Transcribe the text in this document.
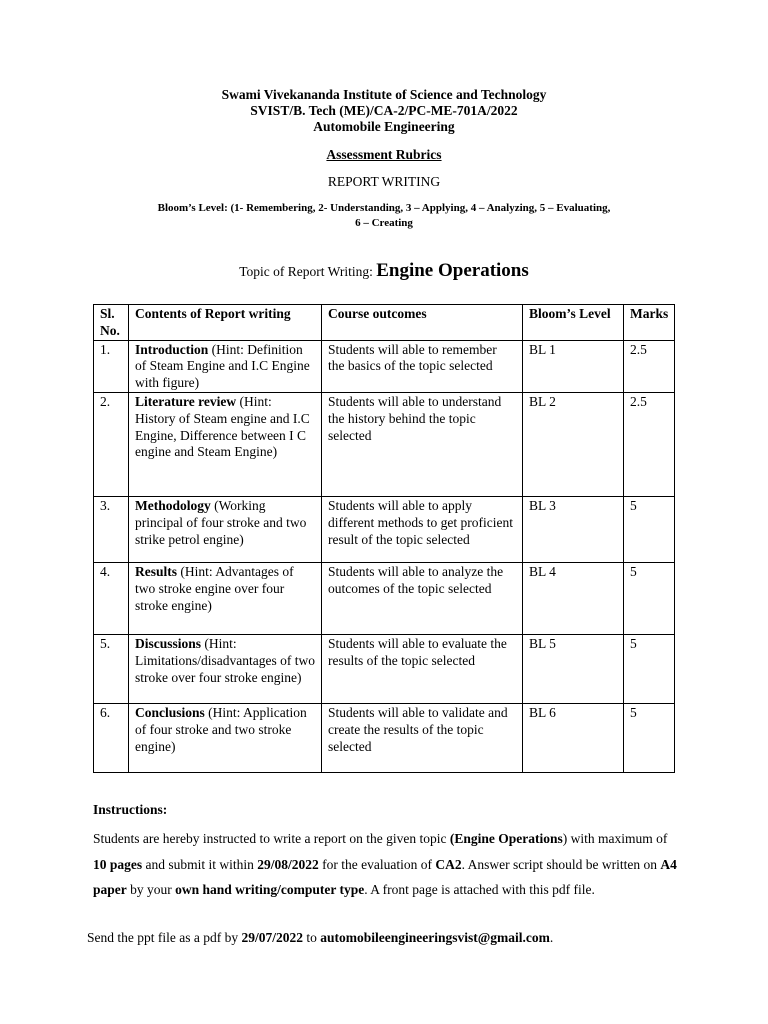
Swami Vivekananda Institute of Science and Technology
SVIST/B. Tech (ME)/CA-2/PC-ME-701A/2022
Automobile Engineering
Assessment Rubrics
REPORT WRITING
Bloom’s Level: (1- Remembering, 2- Understanding, 3 – Applying, 4 – Analyzing, 5 – Evaluating,
6 – Creating
Topic of Report Writing: Engine Operations
Sl. No.	Contents of Report writing	Course outcomes	Bloom’s Level	Marks
1.	Introduction (Hint: Definition of Steam Engine and I.C Engine with figure)	Students will able to remember the basics of the topic selected	BL 1	2.5
2.	Literature review (Hint: History of Steam engine and I.C Engine, Difference between I C engine and Steam Engine)	Students will able to understand the history behind the topic selected	BL 2	2.5
3.	Methodology (Working principal of four stroke and two strike petrol engine)	Students will able to apply different methods to get proficient result of the topic selected	BL 3	5
4.	Results (Hint: Advantages of two stroke engine over four stroke engine)	Students will able to analyze the outcomes of the topic selected	BL 4	5
5.	Discussions (Hint: Limitations/disadvantages of two stroke over four stroke engine)	Students will able to evaluate the results of the topic selected	BL 5	5
6.	Conclusions (Hint: Application of four stroke and two stroke engine)	Students will able to validate and create the results of the topic selected	BL 6	5
Instructions:
Students are hereby instructed to write a report on the given topic (Engine Operations) with maximum of 10 pages and submit it within 29/08/2022 for the evaluation of CA2. Answer script should be written on A4 paper by your own hand writing/computer type. A front page is attached with this pdf file.
Send the ppt file as a pdf by 29/07/2022 to automobileengineeringsvist@gmail.com.
